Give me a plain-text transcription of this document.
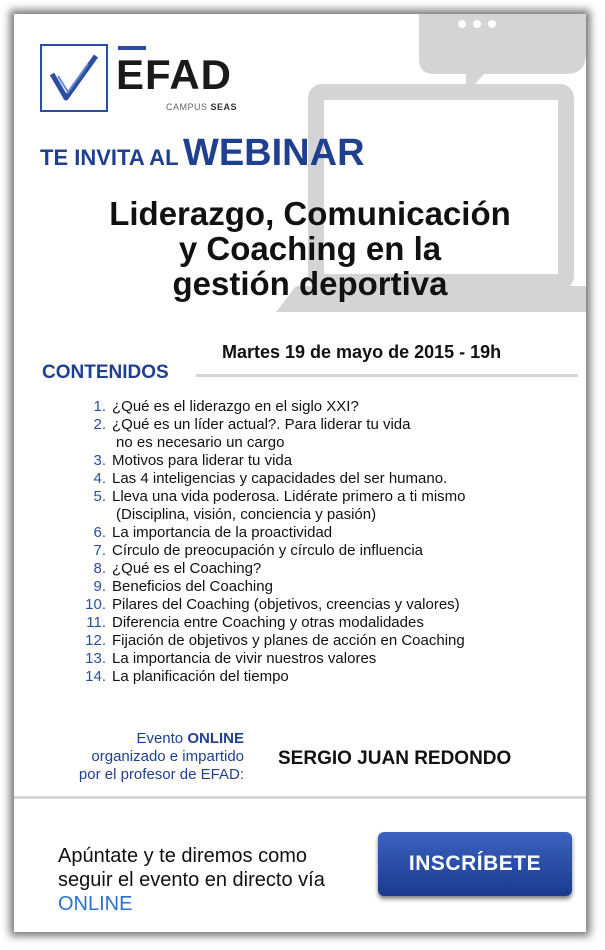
EFAD
CAMPUS SEAS
TE INVITA AL WEBINAR
Liderazgo, Comunicación
y Coaching en la
gestión deportiva
Martes 19 de mayo de 2015 - 19h
CONTENIDOS
1. ¿Qué es el liderazgo en el siglo XXI?
2. ¿Qué es un líder actual?. Para liderar tu vida
no es necesario un cargo
3. Motivos para liderar tu vida
4. Las 4 inteligencias y capacidades del ser humano.
5. Lleva una vida poderosa. Lidérate primero a ti mismo
(Disciplina, visión, conciencia y pasión)
6. La importancia de la proactividad
7. Círculo de preocupación y círculo de influencia
8. ¿Qué es el Coaching?
9. Beneficios del Coaching
10. Pilares del Coaching (objetivos, creencias y valores)
11. Diferencia entre Coaching y otras modalidades
12. Fijación de objetivos y planes de acción en Coaching
13. La importancia de vivir nuestros valores
14. La planificación del tiempo
Evento ONLINE
organizado e impartido
por el profesor de EFAD:
SERGIO JUAN REDONDO
Apúntate y te diremos como
seguir el evento en directo vía
ONLINE
INSCRÍBETE
